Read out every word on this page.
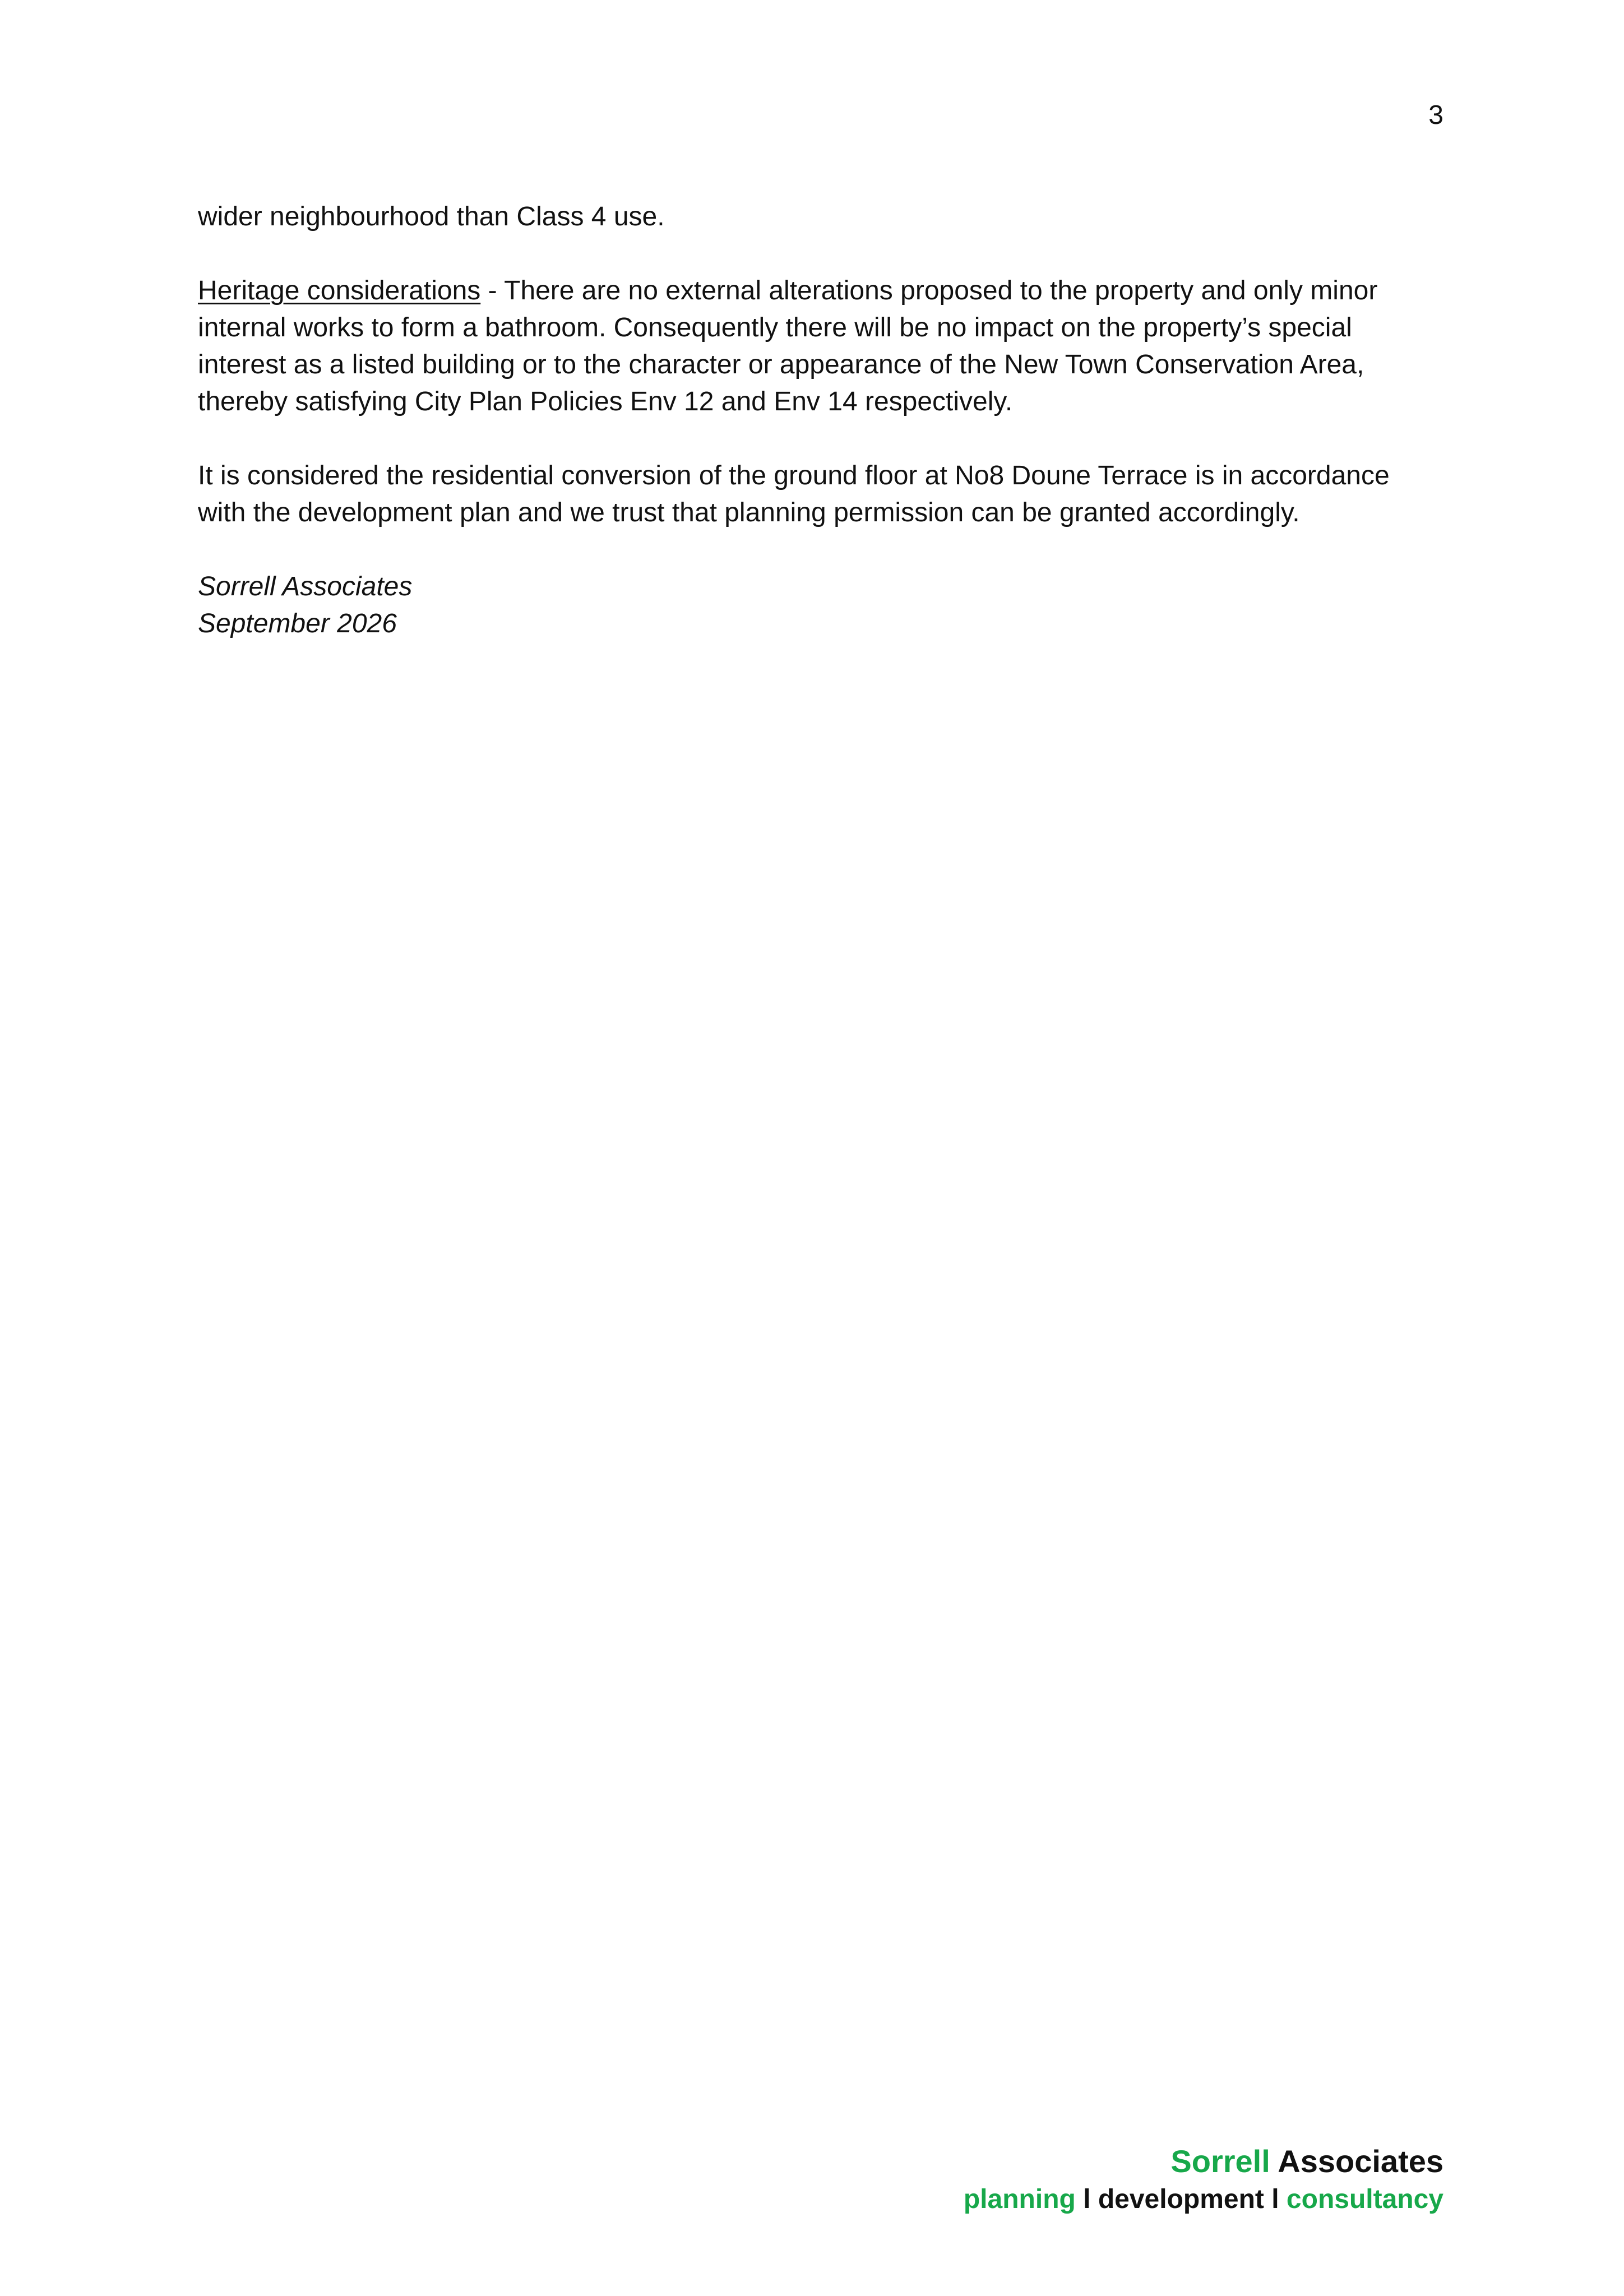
3

wider neighbourhood than Class 4 use.

Heritage considerations - There are no external alterations proposed to the property and only minor internal works to form a bathroom. Consequently there will be no impact on the property’s special interest as a listed building or to the character or appearance of the New Town Conservation Area, thereby satisfying City Plan Policies Env 12 and Env 14 respectively.

It is considered the residential conversion of the ground floor at No8 Doune Terrace is in accordance with the development plan and we trust that planning permission can be granted accordingly.

Sorrell Associates
September 2026

Sorrell Associates
planning l development l consultancy
